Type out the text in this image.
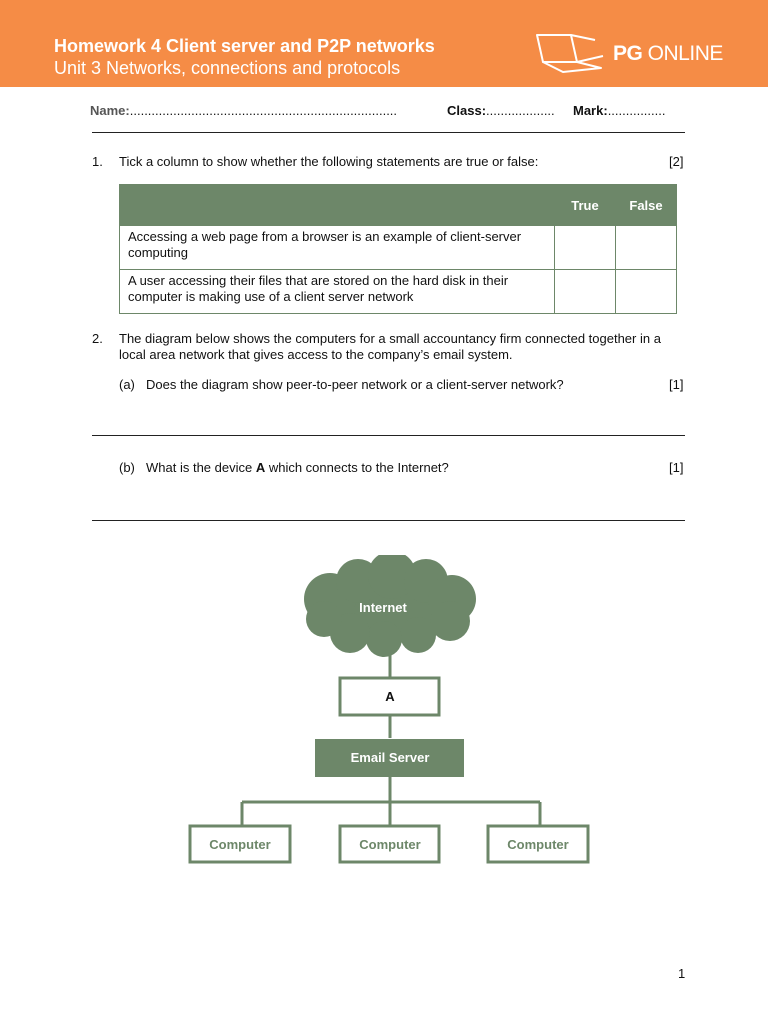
Homework 4 Client server and P2P networks
Unit 3 Networks, connections and protocols
PG ONLINE
Name:..........................................................................	Class:................... Mark:................
1. Tick a column to show whether the following statements are true or false:	[2]
	True	False
Accessing a web page from a browser is an example of client-server computing		
A user accessing their files that are stored on the hard disk in their computer is making use of a client server network		
2. The diagram below shows the computers for a small accountancy firm connected together in a local area network that gives access to the company’s email system.
(a) Does the diagram show peer-to-peer network or a client-server network?	[1]
(b) What is the device A which connects to the Internet?	[1]
Internet
A
Email Server
Computer	Computer	Computer
1
